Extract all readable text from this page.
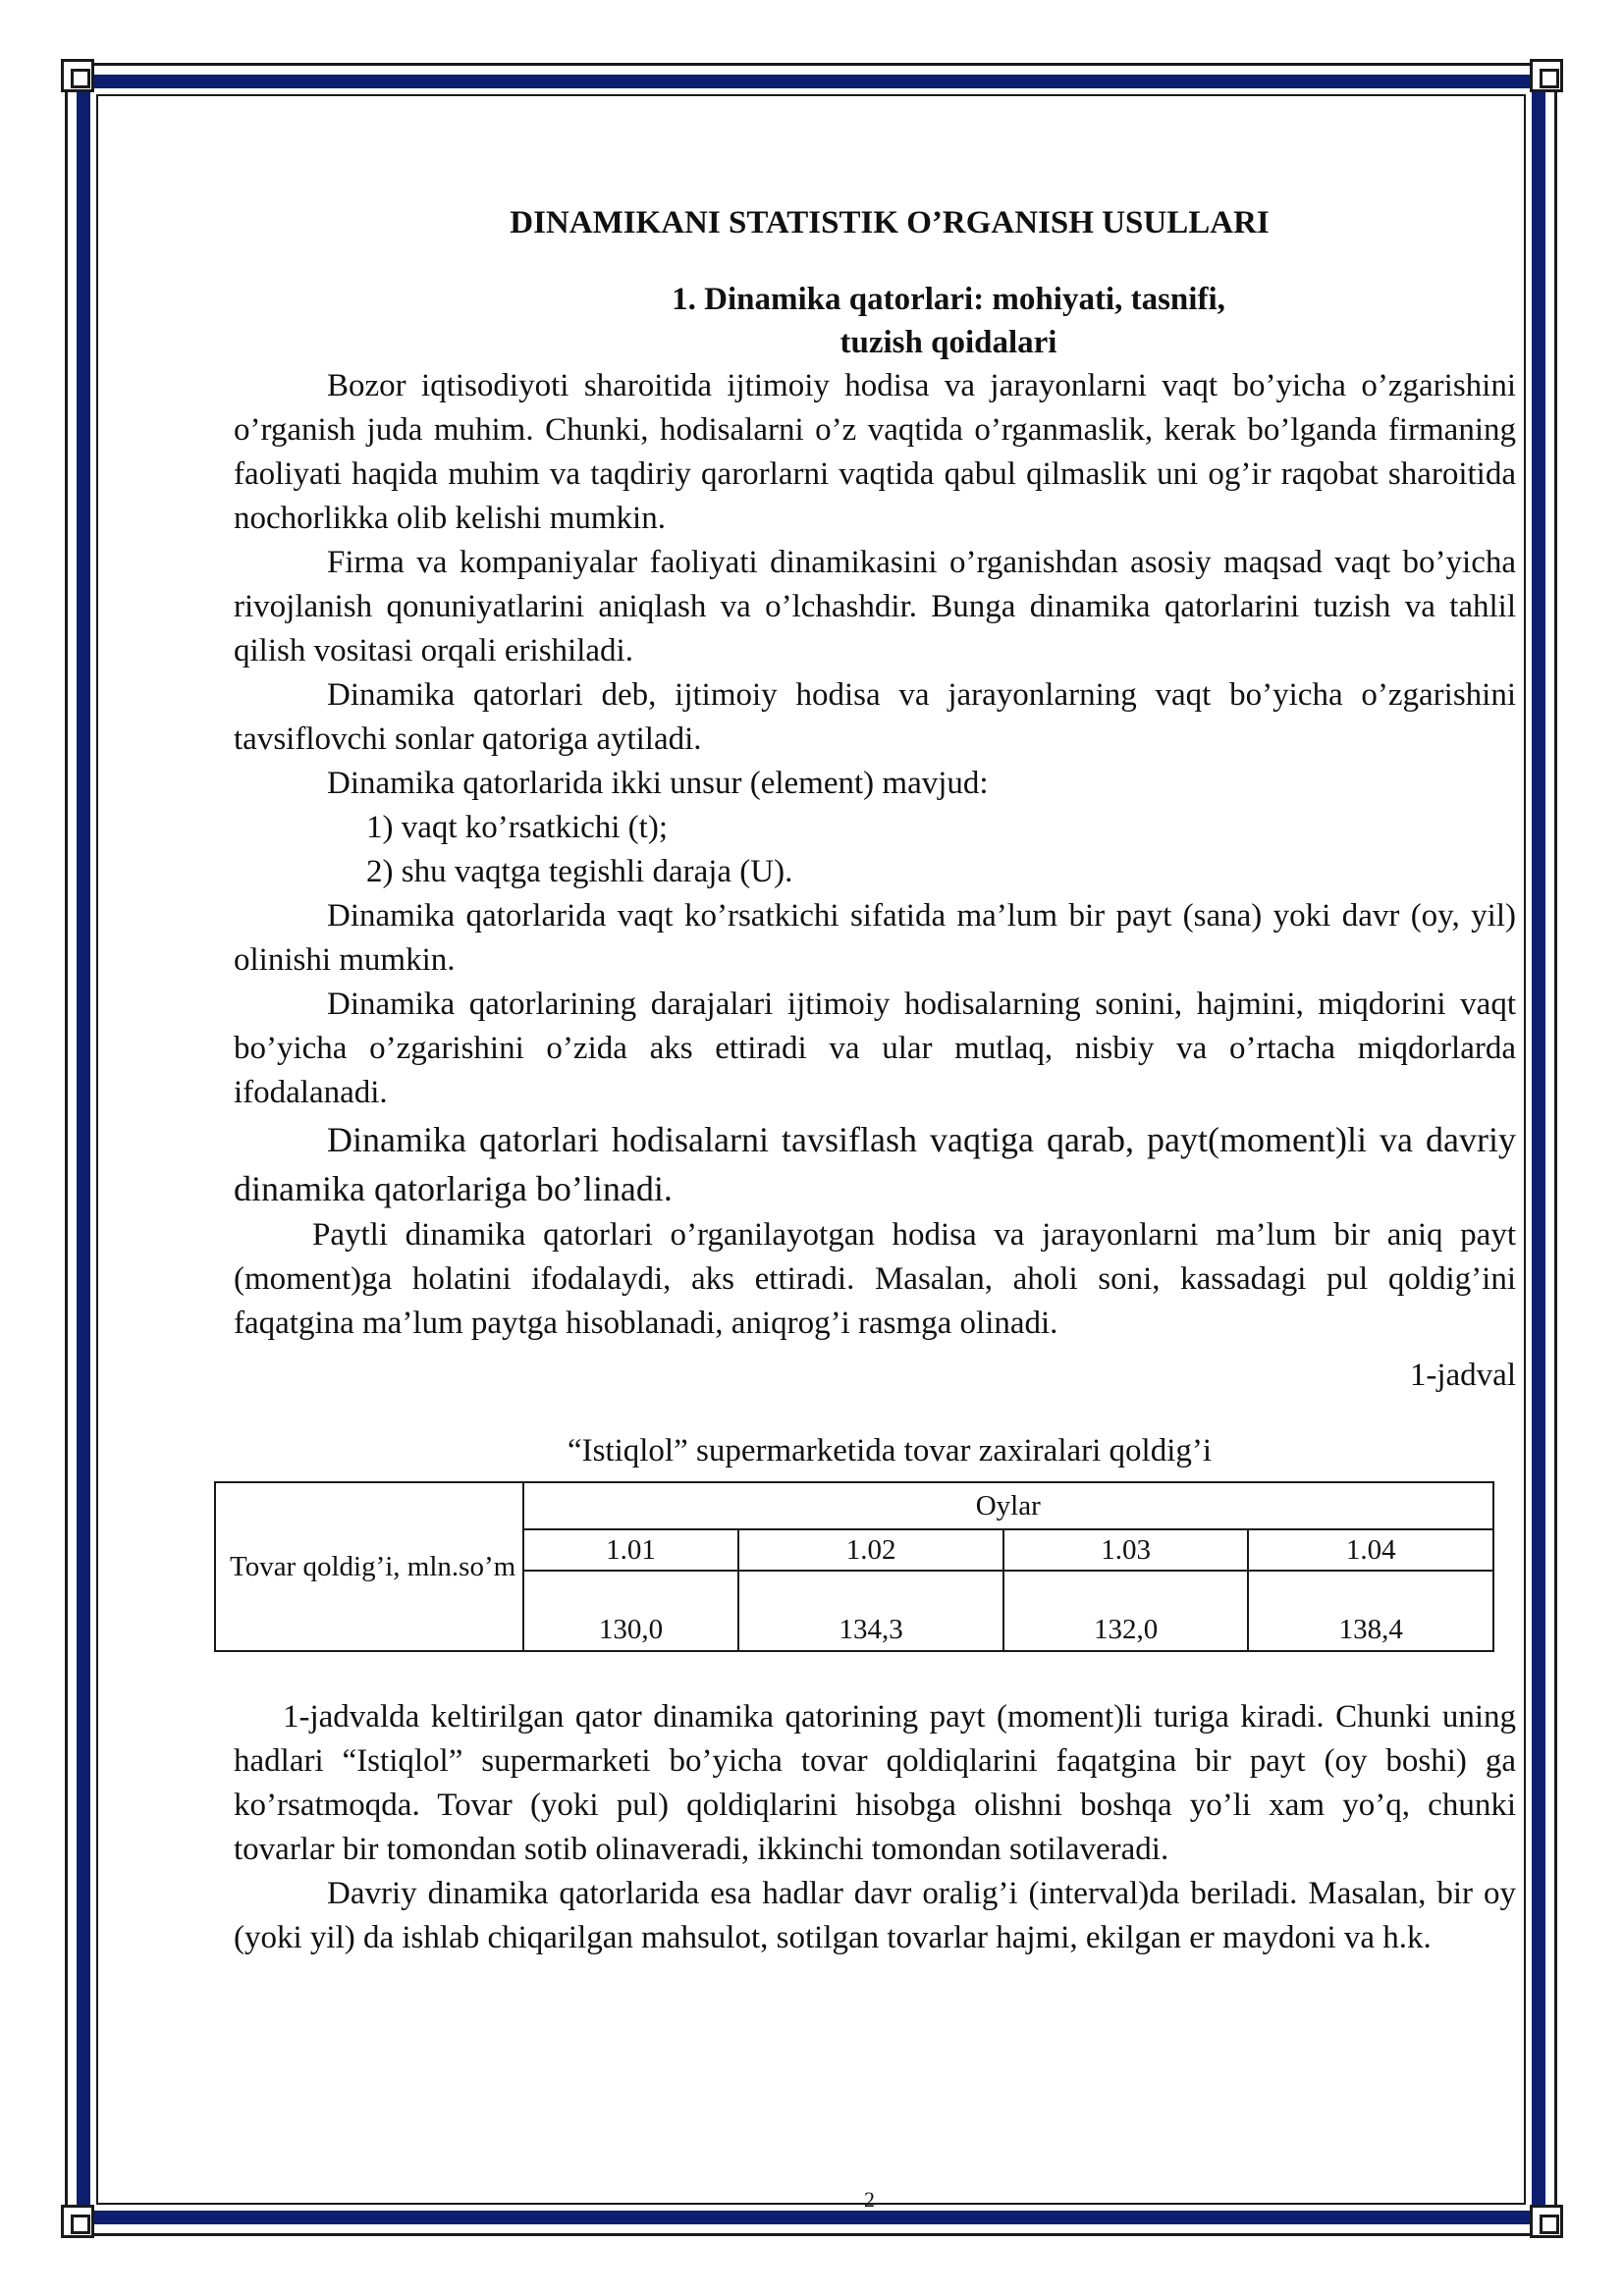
DINAMIKANI STATISTIK O’RGANISH USULLARI
1. Dinamika qatorlari: mohiyati, tasnifi,
tuzish qoidalari

Bozor iqtisodiyoti sharoitida ijtimoiy hodisa va jarayonlarni vaqt bo’yicha o’zgarishini o’rganish juda muhim. Chunki, hodisalarni o’z vaqtida o’rganmaslik, kerak bo’lganda firmaning faoliyati haqida muhim va taqdiriy qarorlarni vaqtida qabul qilmaslik uni og’ir raqobat sharoitida nochorlikka olib kelishi mumkin.

Firma va kompaniyalar faoliyati dinamikasini o’rganishdan asosiy maqsad vaqt bo’yicha rivojlanish qonuniyatlarini aniqlash va o’lchashdir. Bunga dinamika qatorlarini tuzish va tahlil qilish vositasi orqali erishiladi.

Dinamika qatorlari deb, ijtimoiy hodisa va jarayonlarning vaqt bo’yicha o’zgarishini tavsiflovchi sonlar qatoriga aytiladi.

Dinamika qatorlarida ikki unsur (element) mavjud:

1) vaqt ko’rsatkichi (t);

2) shu vaqtga tegishli daraja (U).

Dinamika qatorlarida vaqt ko’rsatkichi sifatida ma’lum bir payt (sana) yoki davr (oy, yil) olinishi mumkin.

Dinamika qatorlarining darajalari ijtimoiy hodisalarning sonini, hajmini, miqdorini vaqt bo’yicha o’zgarishini o’zida aks ettiradi va ular mutlaq, nisbiy va o’rtacha miqdorlarda ifodalanadi.

Dinamika qatorlari hodisalarni tavsiflash vaqtiga qarab, payt(moment)li va davriy dinamika qatorlariga bo’linadi.

Paytli dinamika qatorlari o’rganilayotgan hodisa va jarayonlarni ma’lum bir aniq payt (moment)ga holatini ifodalaydi, aks ettiradi. Masalan, aholi soni, kassadagi pul qoldig’ini faqatgina ma’lum paytga hisoblanadi, aniqrog’i rasmga olinadi.

1-jadval
“Istiqlol” supermarketida tovar zaxiralari qoldig’i
Tovar qoldig’i, mln.so’m	Oylar			
	1.01	1.02	1.03	1.04
	130,0	134,3	132,0	138,4

1-jadvalda keltirilgan qator dinamika qatorining payt (moment)li turiga kiradi. Chunki uning hadlari “Istiqlol” supermarketi bo’yicha tovar qoldiqlarini faqatgina bir payt (oy boshi) ga ko’rsatmoqda. Tovar (yoki pul) qoldiqlarini hisobga olishni boshqa yo’li xam yo’q, chunki tovarlar bir tomondan sotib olinaveradi, ikkinchi tomondan sotilaveradi.

Davriy dinamika qatorlarida esa hadlar davr oralig’i (interval)da beriladi. Masalan, bir oy (yoki yil) da ishlab chiqarilgan mahsulot, sotilgan tovarlar hajmi, ekilgan er maydoni va h.k.

2
